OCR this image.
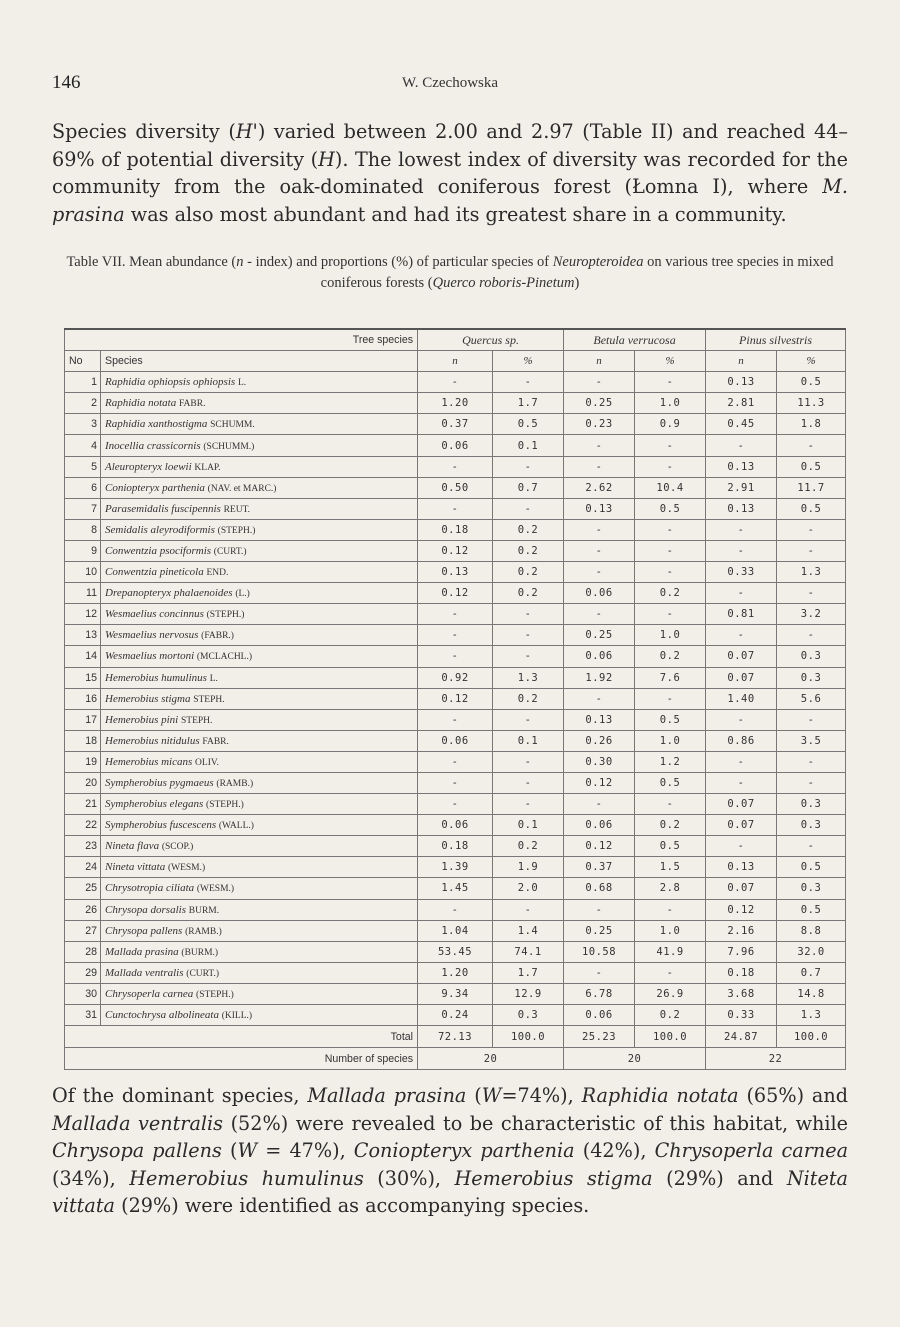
146	W. Czechowska
Species diversity (H') varied between 2.00 and 2.97 (Table II) and reached 44–69% of potential diversity (H). The lowest index of diversity was recorded for the community from the oak-dominated coniferous forest (Łomna I), where M. prasina was also most abundant and had its greatest share in a community.
Table VII. Mean abundance (n - index) and proportions (%) of particular species of Neuropteroidea on various tree species in mixed coniferous forests (Querco roboris-Pinetum)
Tree species		Quercus sp.		Betula verrucosa		Pinus silvestris	
No	Species	n	%	n	%	n	%
1	Raphidia ophiopsis ophiopsis L.	-	-	-	-	0.13	0.5
2	Raphidia notata FABR.	1.20	1.7	0.25	1.0	2.81	11.3
3	Raphidia xanthostigma SCHUMM.	0.37	0.5	0.23	0.9	0.45	1.8
4	Inocellia crassicornis (SCHUMM.)	0.06	0.1	-	-	-	-
5	Aleuropteryx loewii KLAP.	-	-	-	-	0.13	0.5
6	Coniopteryx parthenia (NAV. et MARC.)	0.50	0.7	2.62	10.4	2.91	11.7
7	Parasemidalis fuscipennis REUT.	-	-	0.13	0.5	0.13	0.5
8	Semidalis aleyrodiformis (STEPH.)	0.18	0.2	-	-	-	-
9	Conwentzia psociformis (CURT.)	0.12	0.2	-	-	-	-
10	Conwentzia pineticola END.	0.13	0.2	-	-	0.33	1.3
11	Drepanopteryx phalaenoides (L.)	0.12	0.2	0.06	0.2	-	-
12	Wesmaelius concinnus (STEPH.)	-	-	-	-	0.81	3.2
13	Wesmaelius nervosus (FABR.)	-	-	0.25	1.0	-	-
14	Wesmaelius mortoni (MCLACHL.)	-	-	0.06	0.2	0.07	0.3
15	Hemerobius humulinus L.	0.92	1.3	1.92	7.6	0.07	0.3
16	Hemerobius stigma STEPH.	0.12	0.2	-	-	1.40	5.6
17	Hemerobius pini STEPH.	-	-	0.13	0.5	-	-
18	Hemerobius nitidulus FABR.	0.06	0.1	0.26	1.0	0.86	3.5
19	Hemerobius micans OLIV.	-	-	0.30	1.2	-	-
20	Sympherobius pygmaeus (RAMB.)	-	-	0.12	0.5	-	-
21	Sympherobius elegans (STEPH.)	-	-	-	-	0.07	0.3
22	Sympherobius fuscescens (WALL.)	0.06	0.1	0.06	0.2	0.07	0.3
23	Nineta flava (SCOP.)	0.18	0.2	0.12	0.5	-	-
24	Nineta vittata (WESM.)	1.39	1.9	0.37	1.5	0.13	0.5
25	Chrysotropia ciliata (WESM.)	1.45	2.0	0.68	2.8	0.07	0.3
26	Chrysopa dorsalis BURM.	-	-	-	-	0.12	0.5
27	Chrysopa pallens (RAMB.)	1.04	1.4	0.25	1.0	2.16	8.8
28	Mallada prasina (BURM.)	53.45	74.1	10.58	41.9	7.96	32.0
29	Mallada ventralis (CURT.)	1.20	1.7	-	-	0.18	0.7
30	Chrysoperla carnea (STEPH.)	9.34	12.9	6.78	26.9	3.68	14.8
31	Cunctochrysa albolineata (KILL.)	0.24	0.3	0.06	0.2	0.33	1.3
Total		72.13	100.0	25.23	100.0	24.87	100.0
Number of species		20		20		22	
Of the dominant species, Mallada prasina (W=74%), Raphidia notata (65%) and Mallada ventralis (52%) were revealed to be characteristic of this habitat, while Chrysopa pallens (W = 47%), Coniopteryx parthenia (42%), Chrysoperla carnea (34%), Hemerobius humulinus (30%), Hemerobius stigma (29%) and Niteta vittata (29%) were identified as accompanying species.
